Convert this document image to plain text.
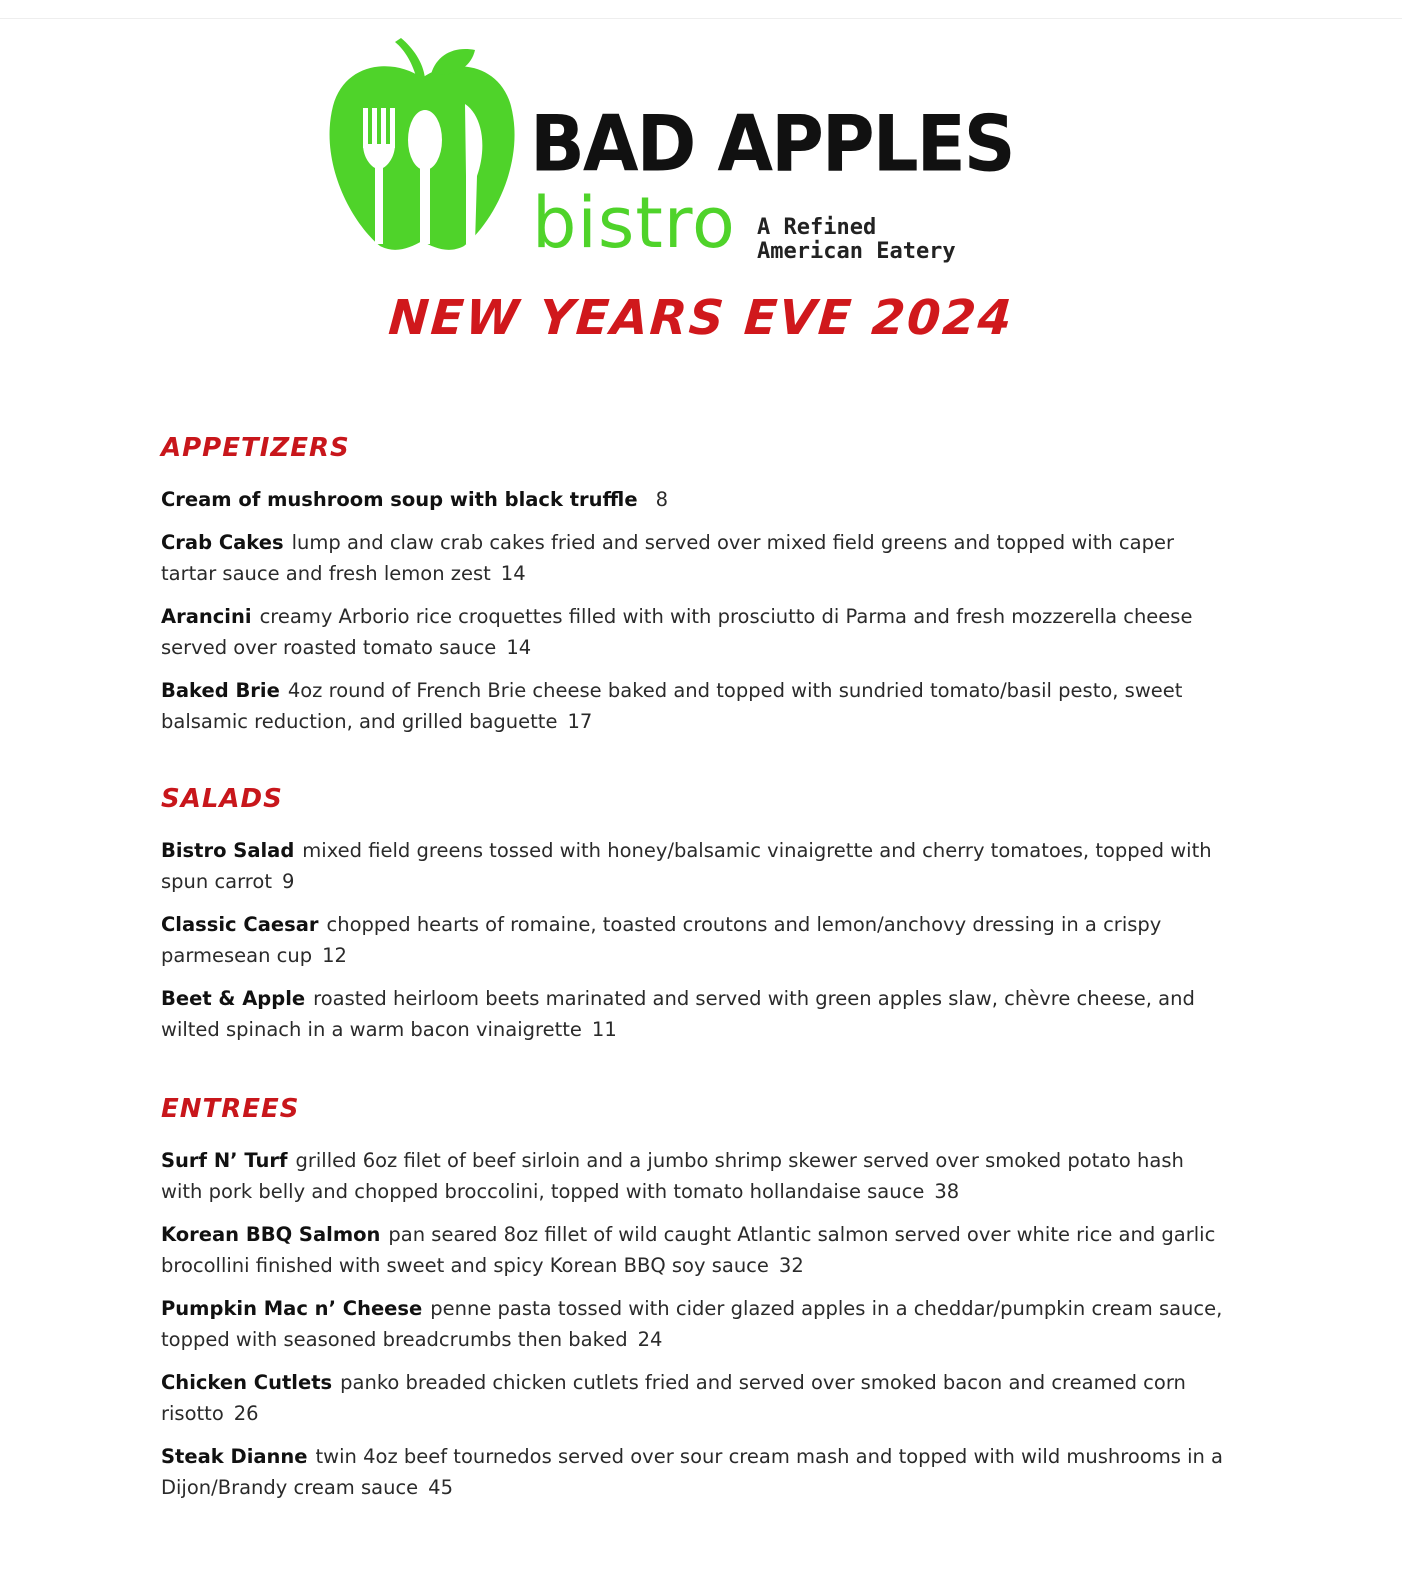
BAD APPLES
bistro A Refined
American Eatery
NEW YEARS EVE 2024
APPETIZERS
Cream of mushroom soup with black truffle 8
Crab Cakes lump and claw crab cakes fried and served over mixed field greens and topped with caper tartar sauce and fresh lemon zest 14
Arancini creamy Arborio rice croquettes filled with with prosciutto di Parma and fresh mozzerella cheese served over roasted tomato sauce 14
Baked Brie 4oz round of French Brie cheese baked and topped with sundried tomato/basil pesto, sweet balsamic reduction, and grilled baguette 17
SALADS
Bistro Salad mixed field greens tossed with honey/balsamic vinaigrette and cherry tomatoes, topped with spun carrot 9
Classic Caesar chopped hearts of romaine, toasted croutons and lemon/anchovy dressing in a crispy parmesean cup 12
Beet & Apple roasted heirloom beets marinated and served with green apples slaw, chèvre cheese, and wilted spinach in a warm bacon vinaigrette 11
ENTREES
Surf N’ Turf grilled 6oz filet of beef sirloin and a jumbo shrimp skewer served over smoked potato hash with pork belly and chopped broccolini, topped with tomato hollandaise sauce 38
Korean BBQ Salmon pan seared 8oz fillet of wild caught Atlantic salmon served over white rice and garlic brocollini finished with sweet and spicy Korean BBQ soy sauce 32
Pumpkin Mac n’ Cheese penne pasta tossed with cider glazed apples in a cheddar/pumpkin cream sauce, topped with seasoned breadcrumbs then baked 24
Chicken Cutlets panko breaded chicken cutlets fried and served over smoked bacon and creamed corn risotto 26
Steak Dianne twin 4oz beef tournedos served over sour cream mash and topped with wild mushrooms in a Dijon/Brandy cream sauce 45
